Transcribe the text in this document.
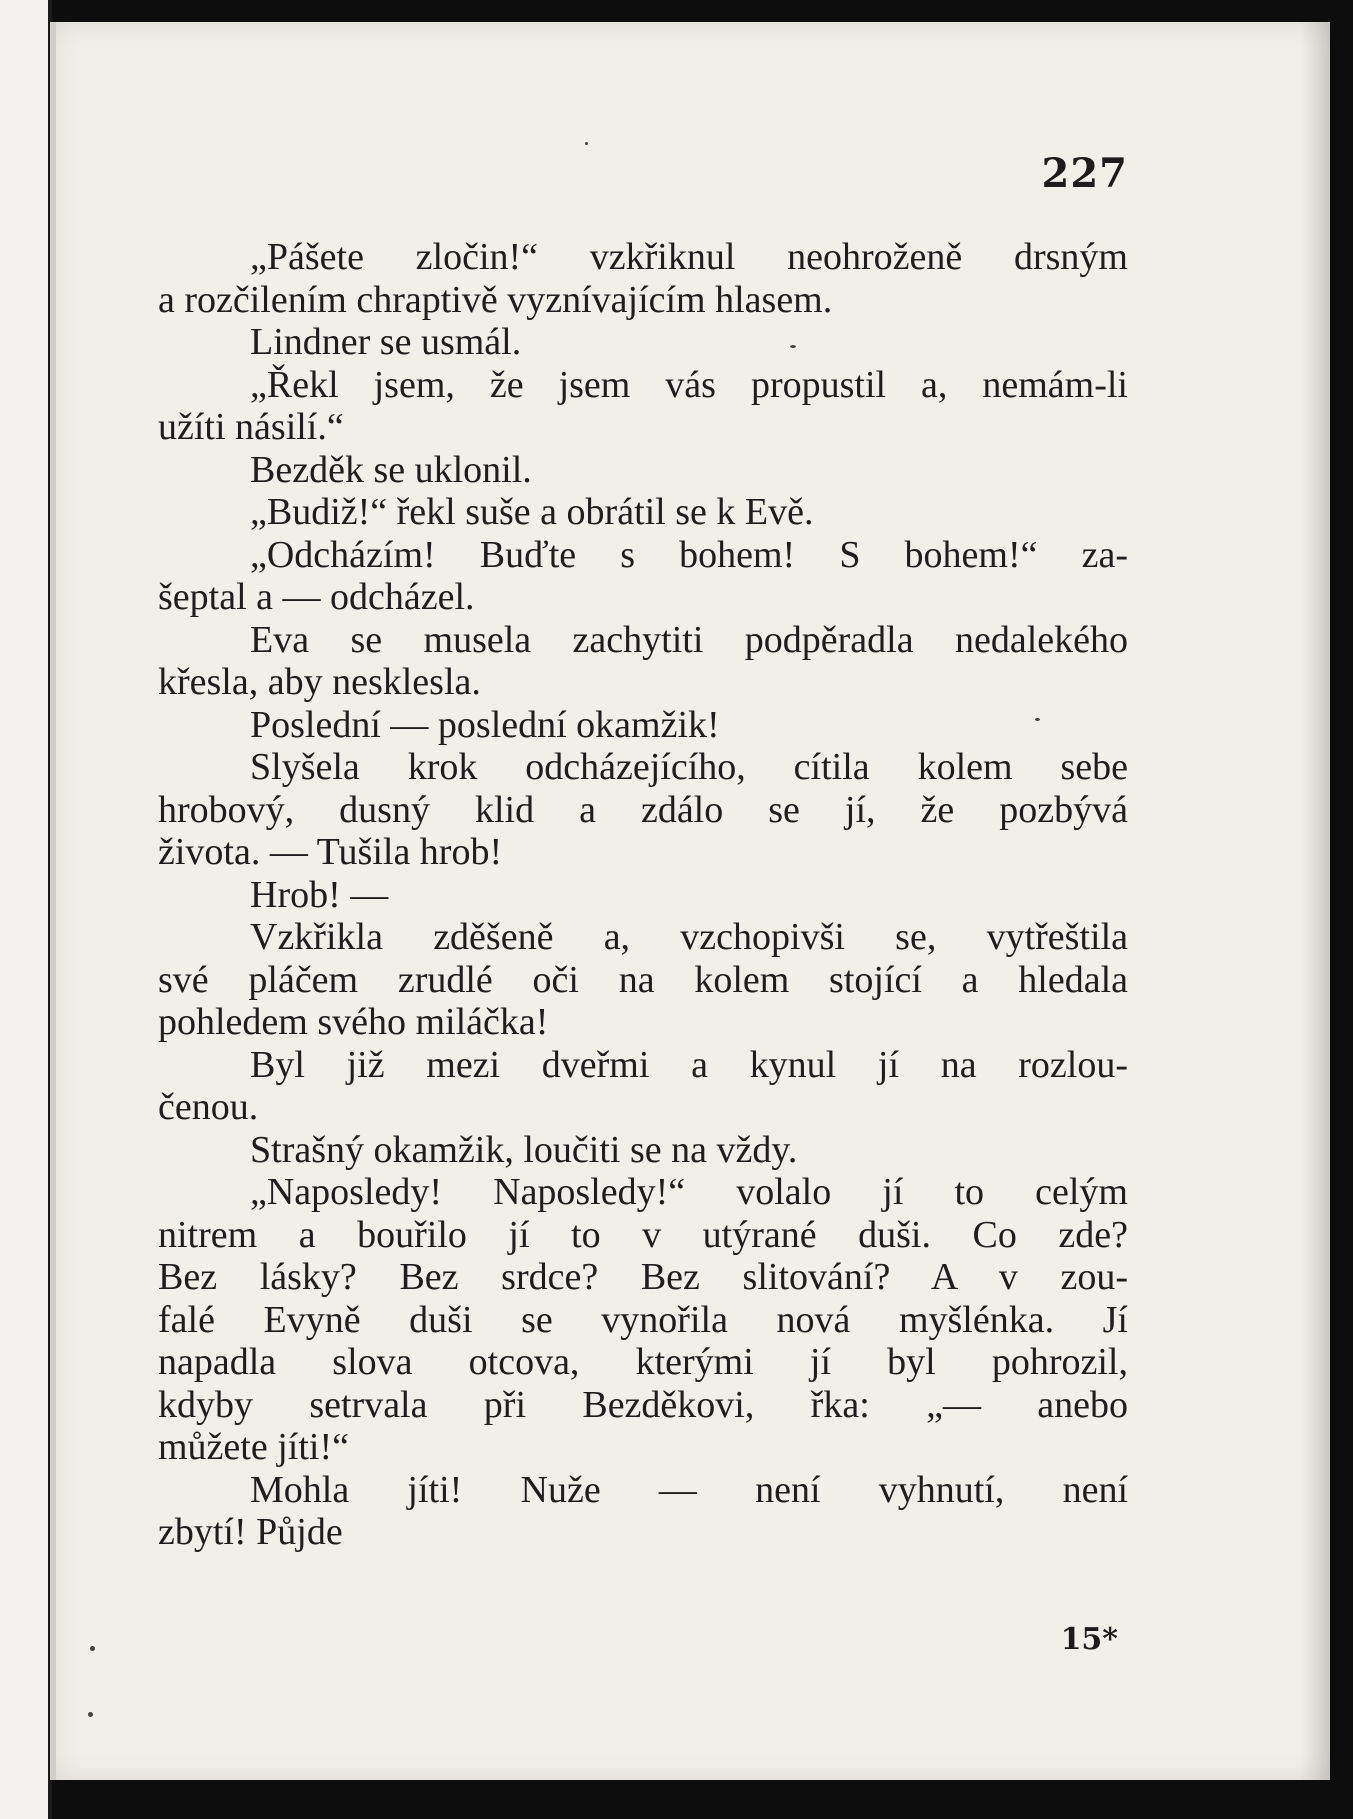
227
„Pášete zločin!“ vzkřiknul neohroženě drsným
a rozčilením chraptivě vyznívajícím hlasem.
Lindner se usmál.
„Řekl jsem, že jsem vás propustil a, nemám-li
užíti násilí.“
Bezděk se uklonil.
„Budiž!“ řekl suše a obrátil se k Evě.
„Odcházím! Buďte s bohem! S bohem!“ za-
šeptal a — odcházel.
Eva se musela zachytiti podpěradla nedalekého
křesla, aby nesklesla.
Poslední — poslední okamžik!
Slyšela krok odcházejícího, cítila kolem sebe
hrobový, dusný klid a zdálo se jí, že pozbývá
života. — Tušila hrob!
Hrob! —
Vzkřikla zděšeně a, vzchopivši se, vytřeštila
své pláčem zrudlé oči na kolem stojící a hledala
pohledem svého miláčka!
Byl již mezi dveřmi a kynul jí na rozlou-
čenou.
Strašný okamžik, loučiti se na vždy.
„Naposledy! Naposledy!“ volalo jí to celým
nitrem a bouřilo jí to v utýrané duši. Co zde?
Bez lásky? Bez srdce? Bez slitování? A v zou-
falé Evyně duši se vynořila nová myšlénka. Jí
napadla slova otcova, kterými jí byl pohrozil,
kdyby setrvala při Bezděkovi, řka: „— anebo
můžete jíti!“
Mohla jíti! Nuže — není vyhnutí, není
zbytí! Půjde
15*
